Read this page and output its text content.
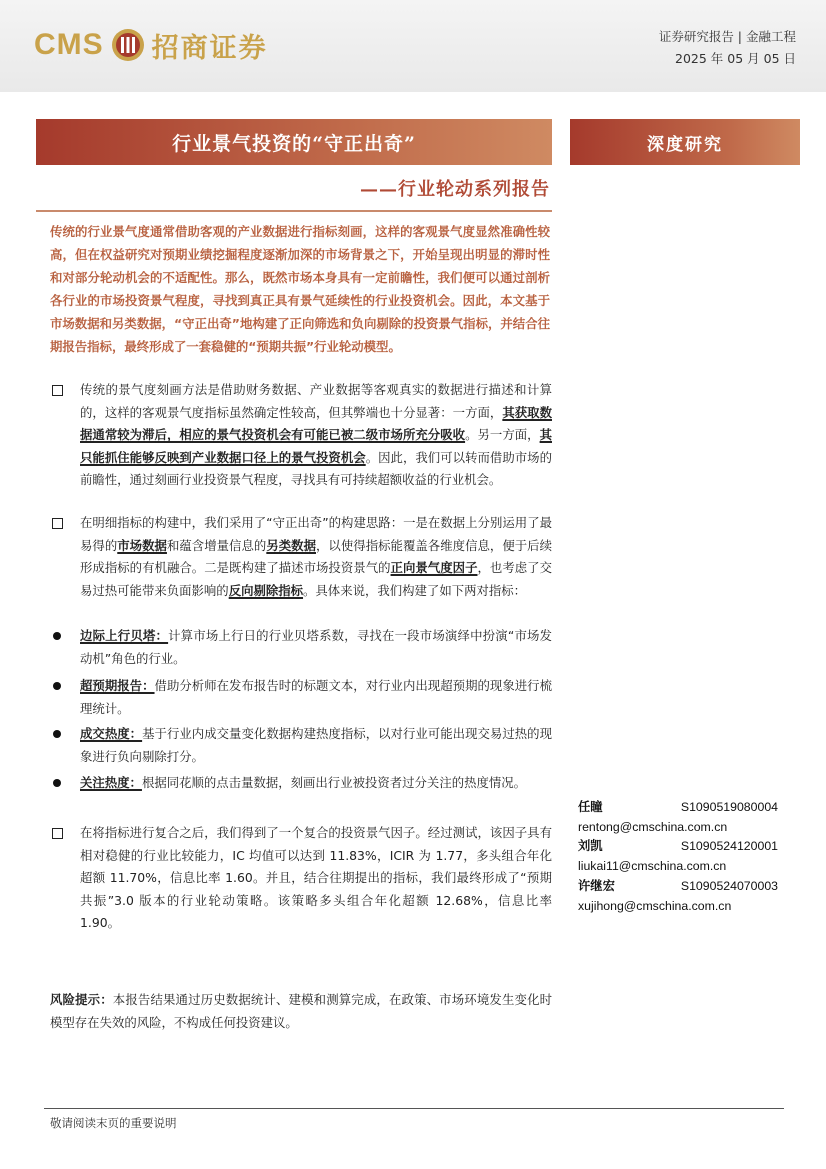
CMS 招商证券	证券研究报告 | 金融工程
2025 年 05 月 05 日
行业景气投资的“守正出奇”	深度研究
——行业轮动系列报告
传统的行业景气度通常借助客观的产业数据进行指标刻画，这样的客观景气度显然准确性较高，但在权益研究对预期业绩挖掘程度逐渐加深的市场背景之下，开始呈现出明显的滞时性和对部分轮动机会的不适配性。那么，既然市场本身具有一定前瞻性，我们便可以通过剖析各行业的市场投资景气程度，寻找到真正具有景气延续性的行业投资机会。因此，本文基于市场数据和另类数据，“守正出奇”地构建了正向筛选和负向剔除的投资景气指标，并结合往期报告指标，最终形成了一套稳健的“预期共振”行业轮动模型。
传统的景气度刻画方法是借助财务数据、产业数据等客观真实的数据进行描述和计算的，这样的客观景气度指标虽然确定性较高，但其弊端也十分显著：一方面，其获取数据通常较为滞后，相应的景气投资机会有可能已被二级市场所充分吸收。另一方面，其只能抓住能够反映到产业数据口径上的景气投资机会。因此，我们可以转而借助市场的前瞻性，通过刻画行业投资景气程度，寻找具有可持续超额收益的行业机会。
在明细指标的构建中，我们采用了“守正出奇”的构建思路：一是在数据上分别运用了最易得的市场数据和蕴含增量信息的另类数据，以使得指标能覆盖各维度信息，便于后续形成指标的有机融合。二是既构建了描述市场投资景气的正向景气度因子，也考虑了交易过热可能带来负面影响的反向剔除指标。具体来说，我们构建了如下两对指标：
边际上行贝塔：计算市场上行日的行业贝塔系数，寻找在一段市场演绎中扮演“市场发动机”角色的行业。
超预期报告：借助分析师在发布报告时的标题文本，对行业内出现超预期的现象进行梳理统计。
成交热度：基于行业内成交量变化数据构建热度指标，以对行业可能出现交易过热的现象进行负向剔除打分。
关注热度：根据同花顺的点击量数据，刻画出行业被投资者过分关注的热度情况。
在将指标进行复合之后，我们得到了一个复合的投资景气因子。经过测试，该因子具有相对稳健的行业比较能力，IC 均值可以达到 11.83%，ICIR 为 1.77，多头组合年化超额 11.70%，信息比率 1.60。并且，结合往期提出的指标，我们最终形成了“预期共振”3.0 版本的行业轮动策略。该策略多头组合年化超额 12.68%，信息比率 1.90。
风险提示：本报告结果通过历史数据统计、建模和测算完成，在政策、市场环境发生变化时模型存在失效的风险，不构成任何投资建议。
任瞳	S1090519080004
rentong@cmschina.com.cn
刘凯	S1090524120001
liukai11@cmschina.com.cn
许继宏	S1090524070003
xujihong@cmschina.com.cn
敬请阅读末页的重要说明
